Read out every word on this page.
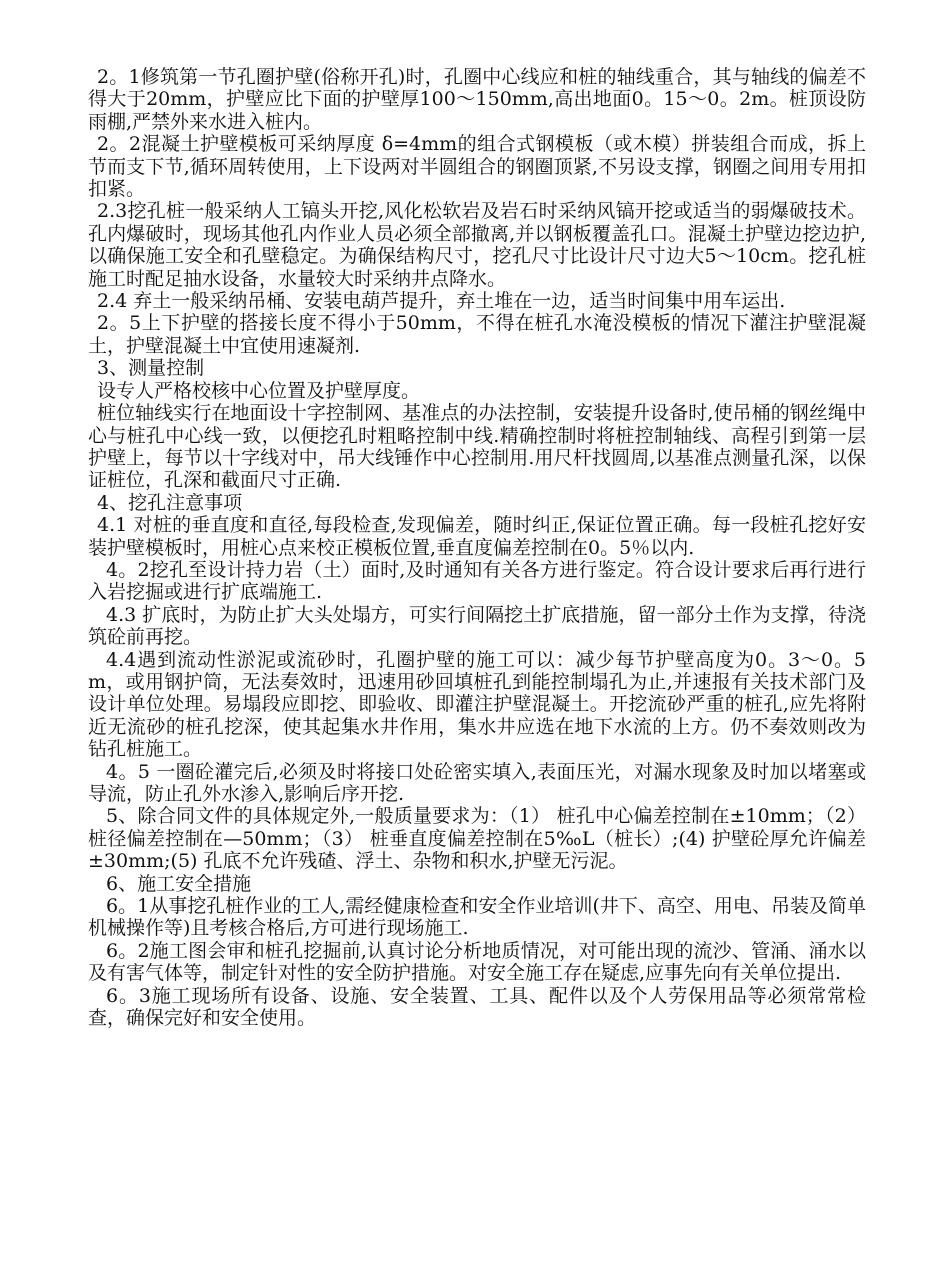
2。1修筑第一节孔圈护壁(俗称开孔)时，孔圈中心线应和桩的轴线重合，其与轴线的偏差不得大于20mm，护壁应比下面的护壁厚100～150mm,高出地面0。15～0。2m。桩顶设防雨棚,严禁外来水进入桩内。

2。2混凝土护壁模板可采纳厚度 δ=4mm的组合式钢模板（或木模）拼装组合而成，拆上节而支下节,循环周转使用，上下设两对半圆组合的钢圈顶紧,不另设支撑，钢圈之间用专用扣扣紧。

2.3挖孔桩一般采纳人工镐头开挖,风化松软岩及岩石时采纳风镐开挖或适当的弱爆破技术。孔内爆破时，现场其他孔内作业人员必须全部撤离,并以钢板覆盖孔口。混凝土护壁边挖边护,以确保施工安全和孔壁稳定。为确保结构尺寸，挖孔尺寸比设计尺寸边大5～10cm。挖孔桩施工时配足抽水设备，水量较大时采纳井点降水。

2.4 弃土一般采纳吊桶、安装电葫芦提升，弃土堆在一边，适当时间集中用车运出.

2。5上下护壁的搭接长度不得小于50mm，不得在桩孔水淹没模板的情况下灌注护壁混凝土，护壁混凝土中宜使用速凝剂.

3、测量控制

设专人严格校核中心位置及护壁厚度。

桩位轴线实行在地面设十字控制网、基准点的办法控制，安装提升设备时,使吊桶的钢丝绳中心与桩孔中心线一致，以便挖孔时粗略控制中线.精确控制时将桩控制轴线、高程引到第一层护壁上，每节以十字线对中，吊大线锤作中心控制用.用尺杆找圆周,以基准点测量孔深，以保证桩位，孔深和截面尺寸正确.

4、挖孔注意事项

4.1 对桩的垂直度和直径,每段检查,发现偏差，随时纠正,保证位置正确。每一段桩孔挖好安装护壁模板时，用桩心点来校正模板位置,垂直度偏差控制在0。5％以内.

4。2挖孔至设计持力岩（土）面时,及时通知有关各方进行鉴定。符合设计要求后再行进行入岩挖掘或进行扩底端施工.

4.3 扩底时，为防止扩大头处塌方，可实行间隔挖土扩底措施，留一部分土作为支撑，待浇筑砼前再挖。

4.4遇到流动性淤泥或流砂时，孔圈护壁的施工可以：减少每节护壁高度为0。3～0。5m，或用钢护筒，无法奏效时，迅速用砂回填桩孔到能控制塌孔为止,并速报有关技术部门及设计单位处理。易塌段应即挖、即验收、即灌注护壁混凝土。开挖流砂严重的桩孔,应先将附近无流砂的桩孔挖深，使其起集水井作用，集水井应选在地下水流的上方。仍不奏效则改为钻孔桩施工。

4。5 一圈砼灌完后,必须及时将接口处砼密实填入,表面压光，对漏水现象及时加以堵塞或导流，防止孔外水渗入,影响后序开挖.

5、除合同文件的具体规定外,一般质量要求为：（1） 桩孔中心偏差控制在±10mm；（2） 桩径偏差控制在—50mm；（3） 桩垂直度偏差控制在5‰L（桩长）;(4) 护壁砼厚允许偏差±30mm;(5) 孔底不允许残碴、浮土、杂物和积水,护壁无污泥。

6、施工安全措施

6。1从事挖孔桩作业的工人,需经健康检查和安全作业培训(井下、高空、用电、吊装及简单机械操作等)且考核合格后,方可进行现场施工.

6。2施工图会审和桩孔挖掘前,认真讨论分析地质情况，对可能出现的流沙、管涌、涌水以及有害气体等，制定针对性的安全防护措施。对安全施工存在疑虑,应事先向有关单位提出.

6。3施工现场所有设备、设施、安全装置、工具、配件以及个人劳保用品等必须常常检查，确保完好和安全使用。
